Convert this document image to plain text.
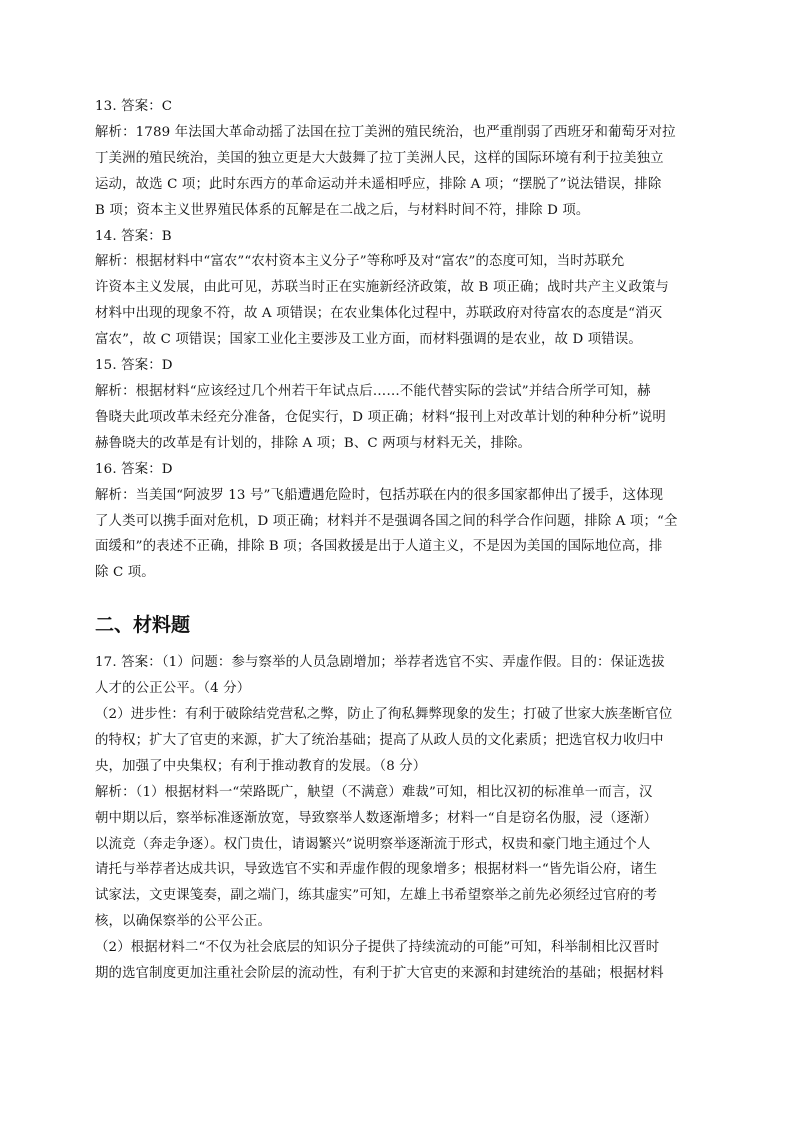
13. 答案：C
解析：1789 年法国大革命动摇了法国在拉丁美洲的殖民统治，也严重削弱了西班牙和葡萄牙对拉
丁美洲的殖民统治，美国的独立更是大大鼓舞了拉丁美洲人民，这样的国际环境有利于拉美独立
运动，故选 C 项；此时东西方的革命运动并未遥相呼应，排除 A 项；“摆脱了”说法错误，排除
B 项；资本主义世界殖民体系的瓦解是在二战之后，与材料时间不符，排除 D 项。
14. 答案：B
解析：根据材料中“富农”“农村资本主义分子”等称呼及对“富农”的态度可知，当时苏联允
许资本主义发展，由此可见，苏联当时正在实施新经济政策，故 B 项正确；战时共产主义政策与
材料中出现的现象不符，故 A 项错误；在农业集体化过程中，苏联政府对待富农的态度是“消灭
富农”，故 C 项错误；国家工业化主要涉及工业方面，而材料强调的是农业，故 D 项错误。
15. 答案：D
解析：根据材料“应该经过几个州若干年试点后……不能代替实际的尝试”并结合所学可知，赫
鲁晓夫此项改革未经充分准备，仓促实行，D 项正确；材料“报刊上对改革计划的种种分析”说明
赫鲁晓夫的改革是有计划的，排除 A 项；B、C 两项与材料无关，排除。
16. 答案：D
解析：当美国“阿波罗 13 号”飞船遭遇危险时，包括苏联在内的很多国家都伸出了援手，这体现
了人类可以携手面对危机，D 项正确；材料并不是强调各国之间的科学合作问题，排除 A 项；“全
面缓和”的表述不正确，排除 B 项；各国救援是出于人道主义，不是因为美国的国际地位高，排
除 C 项。
二、材料题
17. 答案：（1）问题：参与察举的人员急剧增加；举荐者选官不实、弄虚作假。目的：保证选拔
人才的公正公平。（4 分）
（2）进步性：有利于破除结党营私之弊，防止了徇私舞弊现象的发生；打破了世家大族垄断官位
的特权；扩大了官吏的来源，扩大了统治基础；提高了从政人员的文化素质；把选官权力收归中
央，加强了中央集权；有利于推动教育的发展。（8 分）
解析：（1）根据材料一“荣路既广，觖望（不满意）难裁”可知，相比汉初的标准单一而言，汉
朝中期以后，察举标准逐渐放宽，导致察举人数逐渐增多；材料一“自是窃名伪服，浸（逐渐）
以流竞（奔走争逐）。权门贵仕，请谒繁兴”说明察举逐渐流于形式，权贵和豪门地主通过个人
请托与举荐者达成共识，导致选官不实和弄虚作假的现象增多；根据材料一“皆先诣公府，诸生
试家法，文吏课笺奏，副之端门，练其虚实”可知，左雄上书希望察举之前先必须经过官府的考
核，以确保察举的公平公正。
（2）根据材料二“不仅为社会底层的知识分子提供了持续流动的可能”可知，科举制相比汉晋时
期的选官制度更加注重社会阶层的流动性，有利于扩大官吏的来源和封建统治的基础；根据材料
